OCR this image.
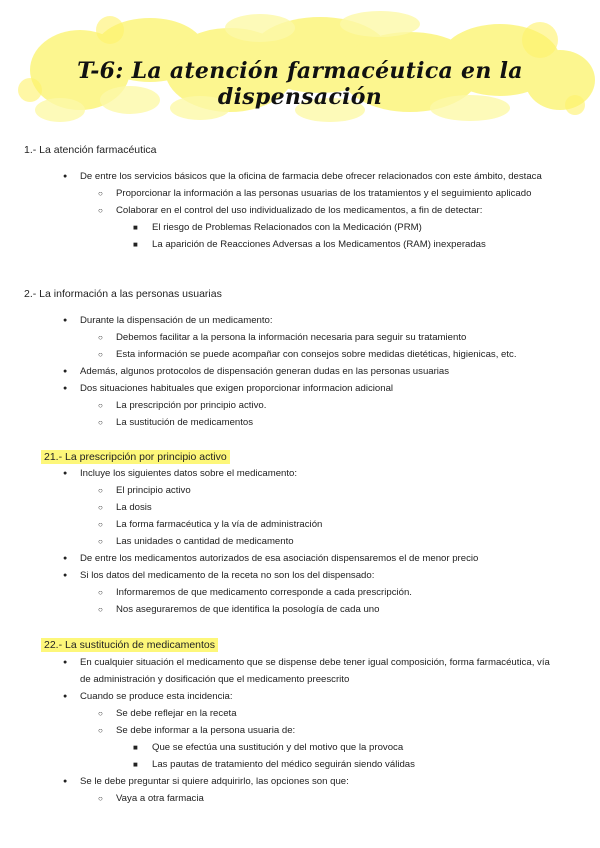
T-6: La atención farmacéutica en la dispensación
1.- La atención farmacéutica
● De entre los servicios básicos que la oficina de farmacia debe ofrecer relacionados con este ámbito, destaca
○ Proporcionar la información a las personas usuarias de los tratamientos y el seguimiento aplicado
○ Colaborar en el control del uso individualizado de los medicamentos, a fin de detectar:
■ El riesgo de Problemas Relacionados con la Medicación (PRM)
■ La aparición de Reacciones Adversas a los Medicamentos (RAM) inexperadas
2.- La información a las personas usuarias
● Durante la dispensación de un medicamento:
○ Debemos facilitar a la persona la información necesaria para seguir su tratamiento
○ Esta información se puede acompañar con consejos sobre medidas dietéticas, higienicas, etc.
● Además, algunos protocolos de dispensación generan dudas en las personas usuarias
● Dos situaciones habituales que exigen proporcionar informacion adicional
○ La prescripción por principio activo.
○ La sustitución de medicamentos
21.- La prescripción por principio activo
● Incluye los siguientes datos sobre el medicamento:
○ El principio activo
○ La dosis
○ La forma farmacéutica y la vía de administración
○ Las unidades o cantidad de medicamento
● De entre los medicamentos autorizados de esa asociación dispensaremos el de menor precio
● Si los datos del medicamento de la receta no son los del dispensado:
○ Informaremos de que medicamento corresponde a cada prescripción.
○ Nos aseguraremos de que identifica la posología de cada uno
22.- La sustitución de medicamentos
● En cualquier situación el medicamento que se dispense debe tener igual composición, forma farmacéutica, vía de administración y dosificación que el medicamento preescrito
● Cuando se produce esta incidencia:
○ Se debe reflejar en la receta
○ Se debe informar a la persona usuaria de:
■ Que se efectúa una sustitución y del motivo que la provoca
■ Las pautas de tratamiento del médico seguirán siendo válidas
● Se le debe preguntar si quiere adquirirlo, las opciones son que:
○ Vaya a otra farmacia
